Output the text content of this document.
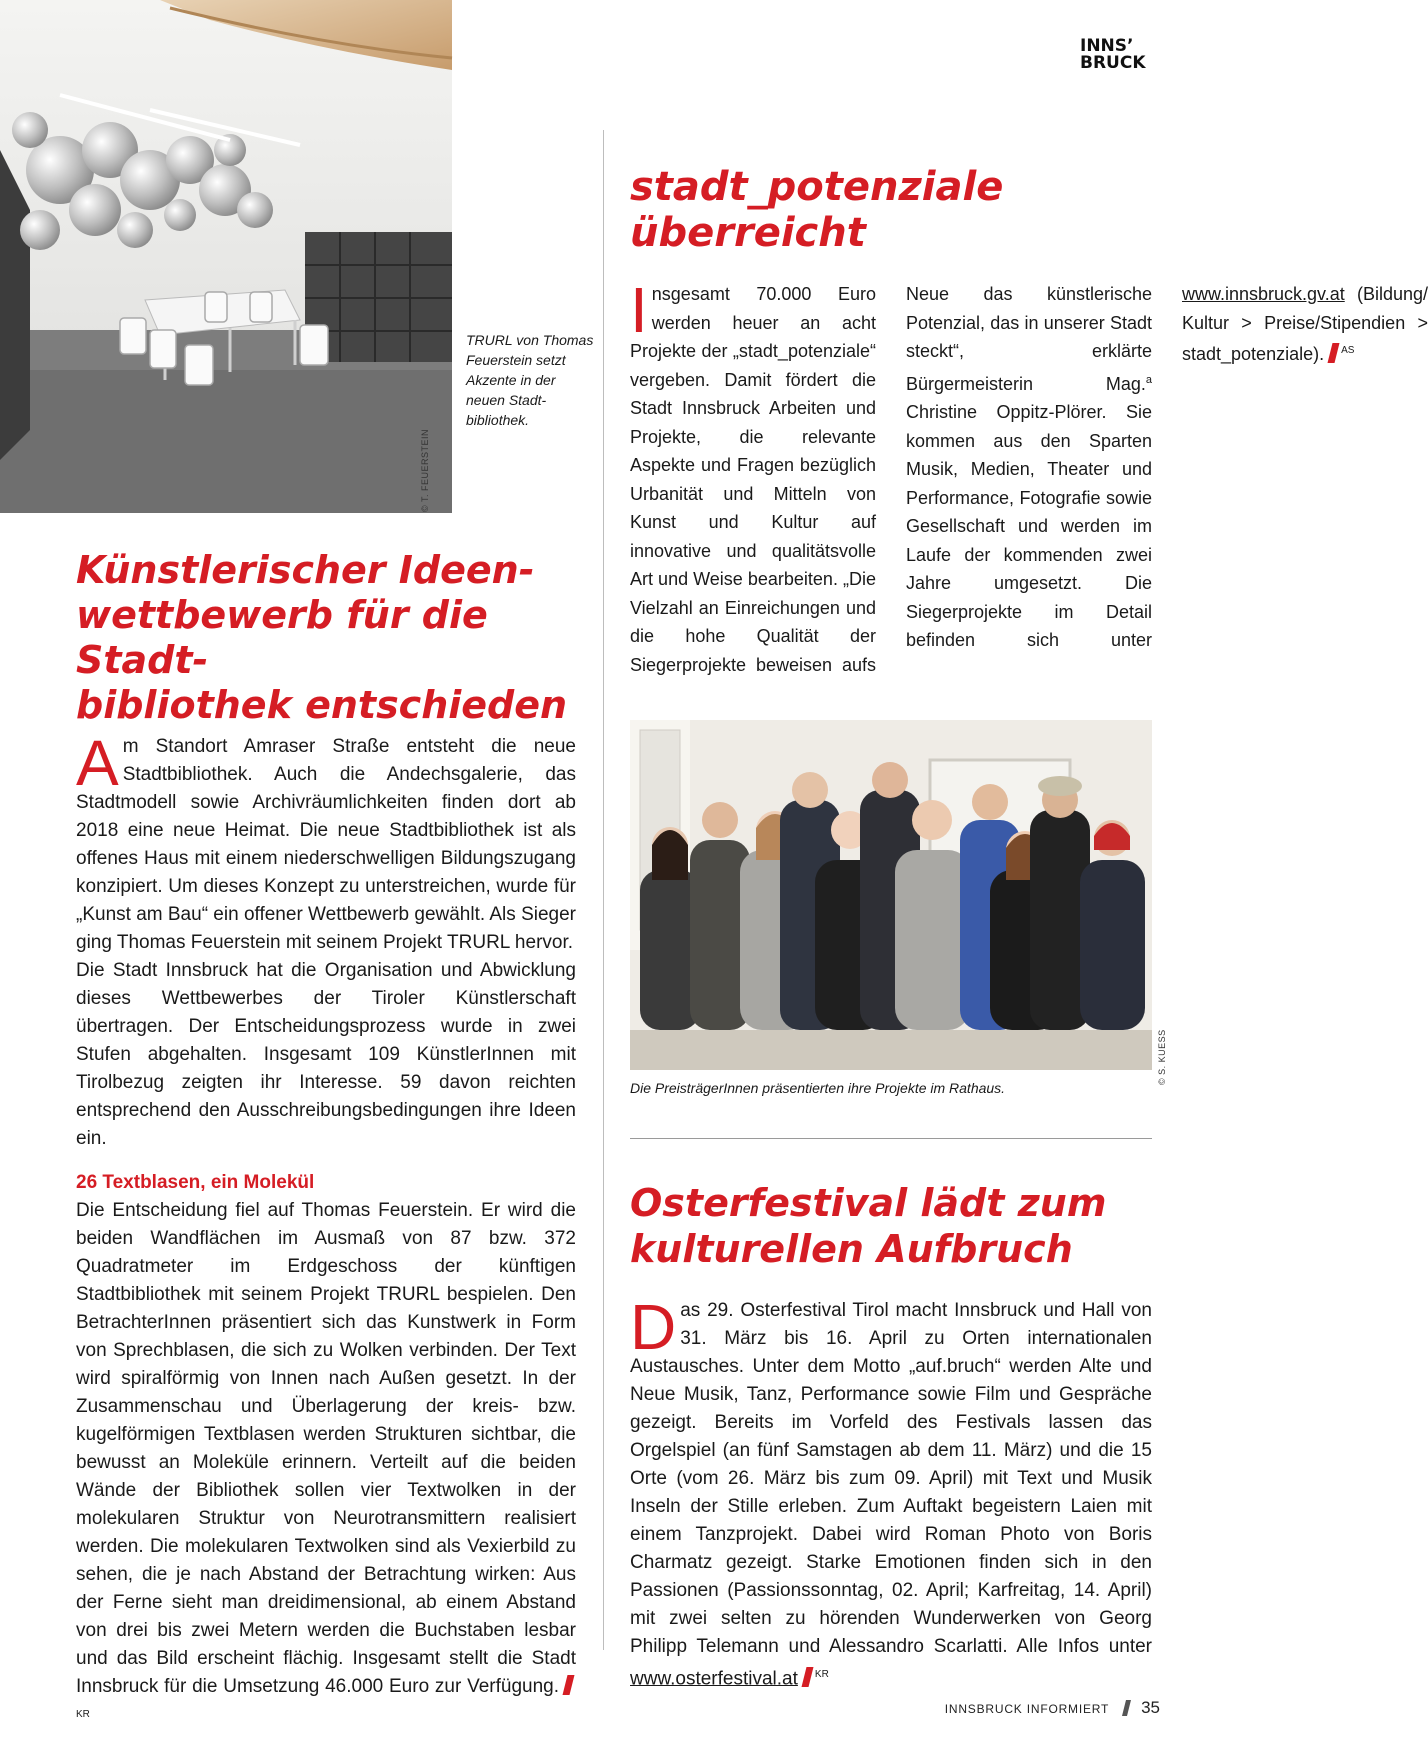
INNS’
BRUCK

TRURL von Thomas

Feuerstein setzt

Akzente in der

neuen Stadt-

bibliothek.

© T. FEUERSTEIN
Künstlerischer Ideen-
wettbewerb für die Stadt-
bibliothek entschieden

Am Standort Amraser Straße entsteht die neue Stadtbibliothek. Auch die Andechsgalerie, das Stadtmodell sowie Archivräumlichkeiten finden dort ab 2018 eine neue Heimat. Die neue Stadtbibliothek ist als offenes Haus mit einem niederschwelligen Bildungszugang konzipiert. Um dieses Konzept zu unterstreichen, wurde für „Kunst am Bau“ ein offener Wettbewerb gewählt. Als Sieger ging Thomas Feuerstein mit seinem Projekt TRURL hervor.

Die Stadt Innsbruck hat die Organisation und Abwicklung dieses Wettbewerbes der Tiroler Künstlerschaft übertragen. Der Entscheidungsprozess wurde in zwei Stufen abgehalten. Insgesamt 109 KünstlerInnen mit Tirolbezug zeigten ihr Interesse. 59 davon reichten entsprechend den Ausschreibungsbedingungen ihre Ideen ein.

26 Textblasen, ein Molekül

Die Entscheidung fiel auf Thomas Feuerstein. Er wird die beiden Wandflächen im Ausmaß von 87 bzw. 372 Quadratmeter im Erdgeschoss der künftigen Stadtbibliothek mit seinem Projekt TRURL bespielen. Den BetrachterInnen präsentiert sich das Kunstwerk in Form von Sprechblasen, die sich zu Wolken verbinden. Der Text wird spiralförmig von Innen nach Außen gesetzt. In der Zusammenschau und Überlagerung der kreis- bzw. kugelförmigen Textblasen werden Strukturen sichtbar, die bewusst an Moleküle erinnern. Verteilt auf die beiden Wände der Bibliothek sollen vier Textwolken in der molekularen Struktur von Neurotransmittern realisiert werden. Die molekularen Textwolken sind als Vexierbild zu sehen, die je nach Abstand der Betrachtung wirken: Aus der Ferne sieht man dreidimensional, ab einem Abstand von drei bis zwei Metern werden die Buchstaben lesbar und das Bild erscheint flächig. Insgesamt stellt die Stadt Innsbruck für die Umsetzung 46.000 Euro zur Verfügung.$^{KR}$

stadt_potenziale
überreicht

Insgesamt 70.000 Euro werden heuer an acht Projekte der „stadt_potenziale“ vergeben. Damit fördert die Stadt Innsbruck Arbeiten und Projekte, die relevante Aspekte und Fragen bezüglich Urbanität und Mitteln von Kunst und Kultur auf innovative und qualitätsvolle Art und Weise bearbeiten. „Die Vielzahl an Einreichungen und die hohe Qualität der Siegerprojekte beweisen aufs Neue das künstlerische Potenzial, das in unserer Stadt steckt“, erklärte Bürgermeisterin Mag.$^a$ Christine Oppitz-Plörer. Sie kommen aus den Sparten Musik, Medien, Theater und Performance, Fotografie sowie Gesellschaft und werden im Laufe der kommenden zwei Jahre umgesetzt. Die Siegerprojekte im Detail befinden sich unter www.innsbruck.gv.at (Bildung/ Kultur > Preise/Stipendien > stadt_potenziale). $^{AS}$

Die PreisträgerInnen präsentierten ihre Projekte im Rathaus.

© S. KUESS
Osterfestival lädt zum
kulturellen Aufbruch

Das 29. Osterfestival Tirol macht Innsbruck und Hall von 31. März bis 16. April zu Orten internationalen Austausches. Unter dem Motto „auf.bruch“ werden Alte und Neue Musik, Tanz, Performance sowie Film und Gespräche gezeigt. Bereits im Vorfeld des Festivals lassen das Orgelspiel (an fünf Samstagen ab dem 11. März) und die 15 Orte (vom 26. März bis zum 09. April) mit Text und Musik Inseln der Stille erleben. Zum Auftakt begeistern Laien mit einem Tanzprojekt. Dabei wird Roman Photo von Boris Charmatz gezeigt. Starke Emotionen finden sich in den Passionen (Passionssonntag, 02. April; Karfreitag, 14. April) mit zwei selten zu hörenden Wunderwerken von Georg Philipp Telemann und Alessandro Scarlatti. Alle Infos unter www.osterfestival.at $^{KR}$

INNSBRUCK INFORMIERT 35
